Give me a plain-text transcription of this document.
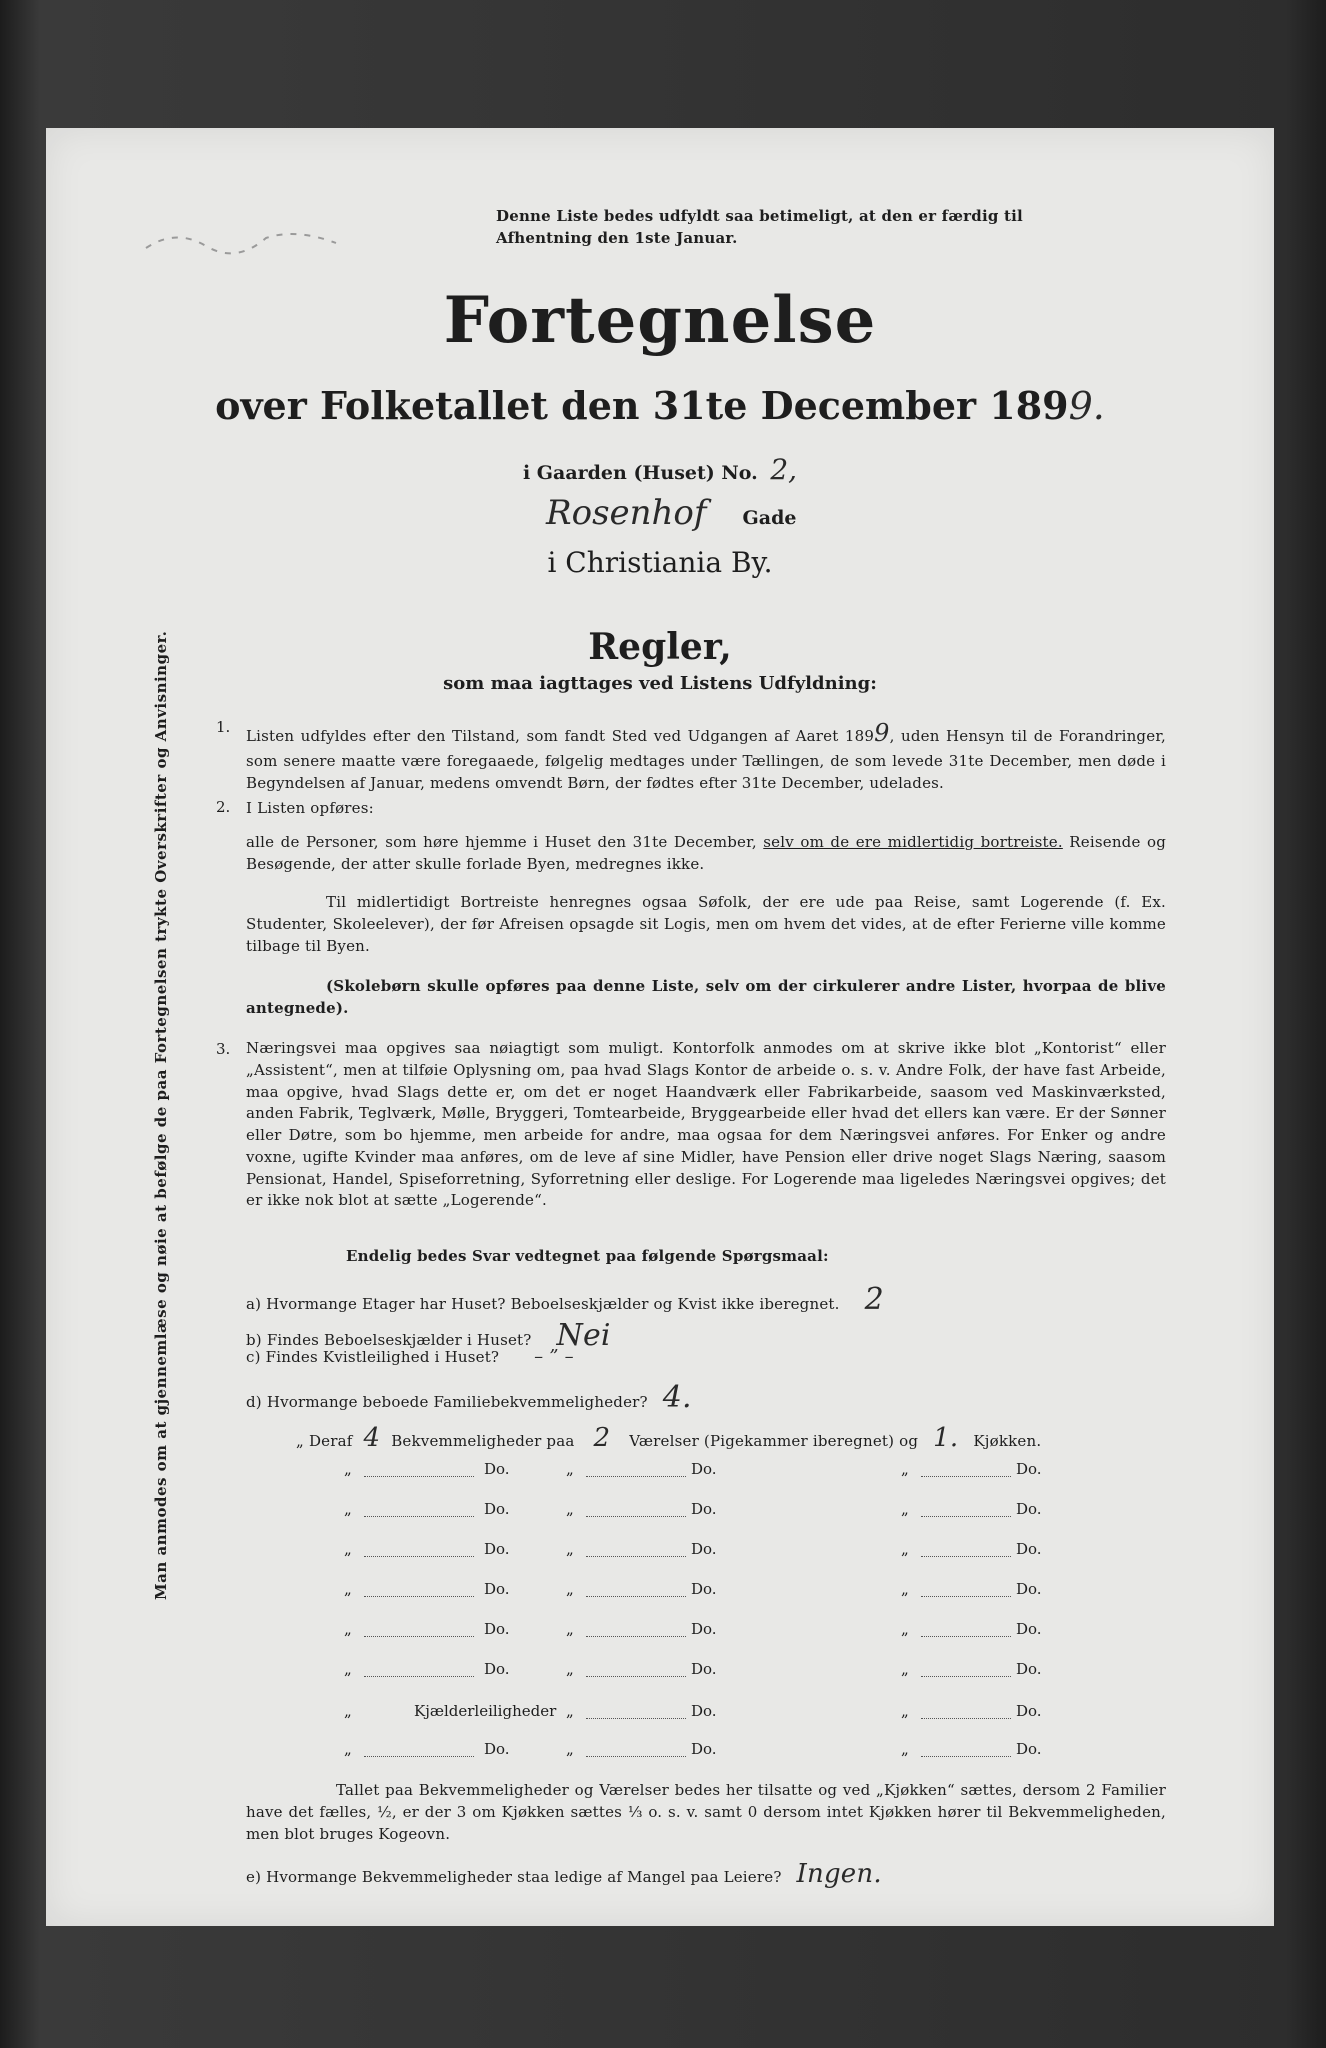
Denne Liste bedes udfyldt saa betimeligt, at den er færdig til
Afhentning den 1ste Januar.
Fortegnelse
over Folketallet den 31te December 1899.
i Gaarden (Huset) No. 2,
Rosenhof Gade
i Christiania By.
Regler,
som maa iagttages ved Listens Udfyldning:
1. Listen udfyldes efter den Tilstand, som fandt Sted ved Udgangen af Aaret 1899, uden Hensyn til de Forandringer, som senere maatte være foregaaede, følgelig medtages under Tællingen, de som levede 31te December, men døde i Begyndelsen af Januar, medens omvendt Børn, der fødtes efter 31te December, udelades.
2. I Listen opføres:
alle de Personer, som høre hjemme i Huset den 31te December, selv om de ere midlertidig bortreiste. Reisende og Besøgende, der atter skulle forlade Byen, medregnes ikke.
Til midlertidigt Bortreiste henregnes ogsaa Søfolk, der ere ude paa Reise, samt Logerende (f. Ex. Studenter, Skoleelever), der før Afreisen opsagde sit Logis, men om hvem det vides, at de efter Ferierne ville komme tilbage til Byen.
(Skolebørn skulle opføres paa denne Liste, selv om der cirkulerer andre Lister, hvorpaa de blive antegnede).
3. Næringsvei maa opgives saa nøiagtigt som muligt. Kontorfolk anmodes om at skrive ikke blot „Kontorist“ eller „Assistent“, men at tilføie Oplysning om, paa hvad Slags Kontor de arbeide o. s. v. Andre Folk, der have fast Arbeide, maa opgive, hvad Slags dette er, om det er noget Haandværk eller Fabrikarbeide, saasom ved Maskinværksted, anden Fabrik, Teglværk, Mølle, Bryggeri, Tomtearbeide, Bryggearbeide eller hvad det ellers kan være. Er der Sønner eller Døtre, som bo hjemme, men arbeide for andre, maa ogsaa for dem Næringsvei anføres. For Enker og andre voxne, ugifte Kvinder maa anføres, om de leve af sine Midler, have Pension eller drive noget Slags Næring, saasom Pensionat, Handel, Spiseforretning, Syforretning eller deslige. For Logerende maa ligeledes Næringsvei opgives; det er ikke nok blot at sætte „Logerende“.
Endelig bedes Svar vedtegnet paa følgende Spørgsmaal:
a) Hvormange Etager har Huset? Beboelseskjælder og Kvist ikke iberegnet. 2
b) Findes Beboelseskjælder i Huset? Nei
c) Findes Kvistleilighed i Huset? – ” –
d) Hvormange beboede Familiebekvemmeligheder? 4.
„ Deraf 4 Bekvemmeligheder paa 2 Værelser (Pigekammer iberegnet) og 1. Kjøkken.
„	Do.	„	Do.	„	Do.
„	Do.	„	Do.	„	Do.
„	Do.	„	Do.	„	Do.
„	Do.	„	Do.	„	Do.
„	Do.	„	Do.	„	Do.
„	Do.	„	Do.	„	Do.
„	Kjælderleiligheder „	Do.	„	Do.
„	Do.	„	Do.	„	Do.
Tallet paa Bekvemmeligheder og Værelser bedes her tilsatte og ved „Kjøkken“ sættes, dersom 2 Familier have det fælles, ½, er der 3 om Kjøkken sættes ⅓ o. s. v. samt 0 dersom intet Kjøkken hører til Bekvemmeligheden, men blot bruges Kogeovn.
e) Hvormange Bekvemmeligheder staa ledige af Mangel paa Leiere? Ingen.
Man anmodes om at gjennemlæse og nøie at befølge de paa Fortegnelsen trykte Overskrifter og Anvisninger.
